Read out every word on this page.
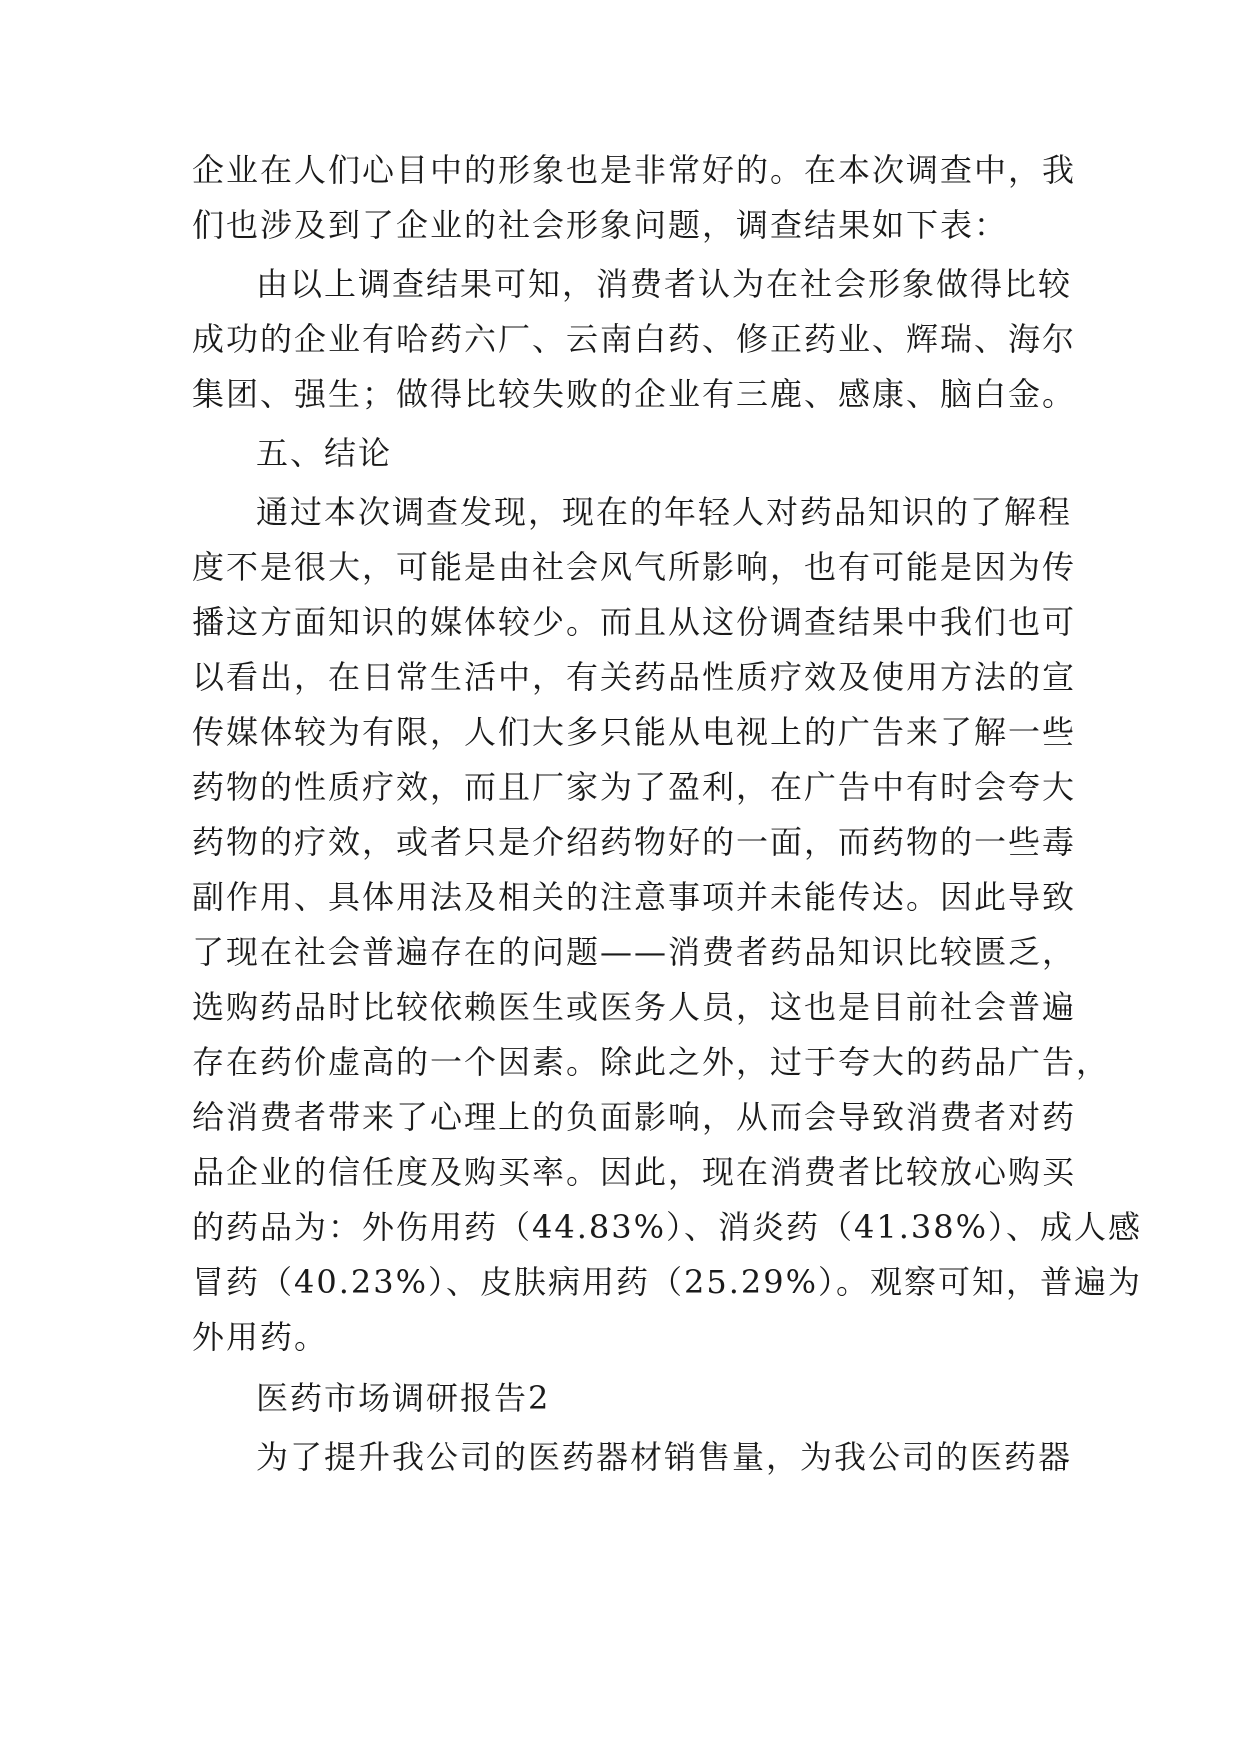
企业在人们心目中的形象也是非常好的。在本次调查中，我
们也涉及到了企业的社会形象问题，调查结果如下表：
由以上调查结果可知，消费者认为在社会形象做得比较
成功的企业有哈药六厂、云南白药、修正药业、辉瑞、海尔
集团、强生；做得比较失败的企业有三鹿、感康、脑白金。
五、结论
通过本次调查发现，现在的年轻人对药品知识的了解程
度不是很大，可能是由社会风气所影响，也有可能是因为传
播这方面知识的媒体较少。而且从这份调查结果中我们也可
以看出，在日常生活中，有关药品性质疗效及使用方法的宣
传媒体较为有限，人们大多只能从电视上的广告来了解一些
药物的性质疗效，而且厂家为了盈利，在广告中有时会夸大
药物的疗效，或者只是介绍药物好的一面，而药物的一些毒
副作用、具体用法及相关的注意事项并未能传达。因此导致
了现在社会普遍存在的问题——消费者药品知识比较匮乏，
选购药品时比较依赖医生或医务人员，这也是目前社会普遍
存在药价虚高的一个因素。除此之外，过于夸大的药品广告，
给消费者带来了心理上的负面影响，从而会导致消费者对药
品企业的信任度及购买率。因此，现在消费者比较放心购买
的药品为：外伤用药（44.83%）、消炎药（41.38%）、成人感
冒药（40.23%）、皮肤病用药（25.29%）。观察可知，普遍为
外用药。
医药市场调研报告2
为了提升我公司的医药器材销售量，为我公司的医药器
